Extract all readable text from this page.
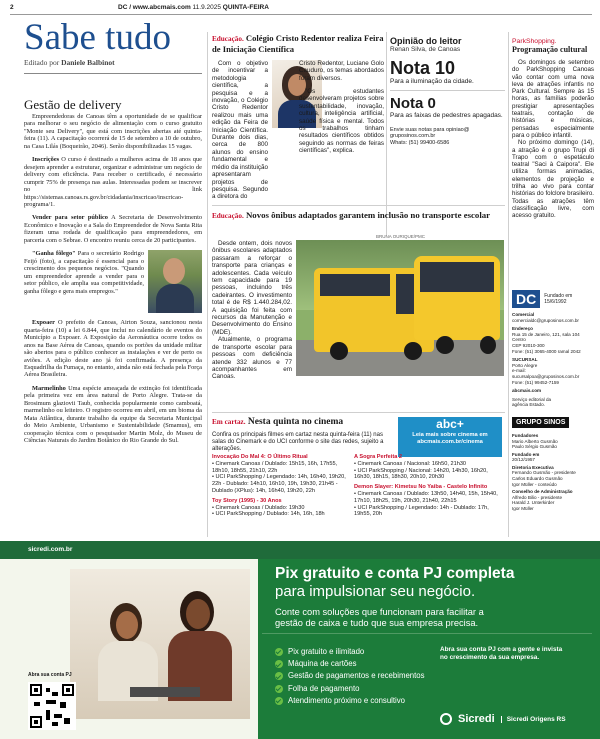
2	DC / www.abcmais.com 11.9.2025 QUINTA-FEIRA
Sabe tudo
Editado por Daniele Balbinot
Gestão de delivery

Empreendedoras de Canoas têm a oportunidade de se qualificar para melhorar o seu negócio de alimentação com o curso gratuito "Monte seu Delivery", que está com inscrições abertas até quinta-feira (11). A capacitação ocorrerá de 15 de setembro a 10 de outubro, na Casa Lilás (Boqueirão, 2046). Serão disponibilizadas 15 vagas.

Inscrições O curso é destinado a mulheres acima de 18 anos que desejem aprender a estruturar, organizar e administrar um negócio de delivery com eficiência. Para receber o certificado, é necessário cumprir 75% de presença nas aulas. Interessadas podem se inscrever no link https://sistemas.canoas.rs.gov.br/cidadania/inscricao/inscricao-programa/1.

Vender para setor público A Secretaria de Desenvolvimento Econômico e Inovação e a Sala do Empreendedor de Nova Santa Rita fizeram uma rodada de qualificação para empreendedores, em parceria com o Sebrae. O encontro reuniu cerca de 20 participantes.

"Ganha fôlego" Para o secretário Rodrigo Feijó (foto), a capacitação é essencial para o crescimento dos pequenos negócios. "Quando um empreendedor aprende a vender para o setor público, ele amplia sua competitividade, ganha fôlego e gera mais empregos."

Expoaer O prefeito de Canoas, Airton Souza, sancionou nesta quarta-feira (10) a lei 6.844, que inclui no calendário de eventos do Município a Expoaer. A Exposição da Aeronáutica ocorre todos os anos na Base Aérea de Canoas, quando os portões da unidade militar são abertos para o público conhecer as instalações e ver de perto os aviões. A edição deste ano já foi confirmada. A presença da Esquadrilha da Fumaça, no entanto, ainda não está fechada pela Força Aérea Brasileira.

Marmelinho Uma espécie ameaçada de extinção foi identificada pela primeira vez em área natural de Porto Alegre. Trata-se da Brosimum glaziovii Taub, conhecida popularmente como camboatá, marmelinho ou leiteiro. O registro ocorreu em abril, em um bioma da Mata Atlântica, durante trabalho da equipe da Secretaria Municipal do Meio Ambiente, Urbanismo e Sustentabilidade (Smamus), em cooperação técnica com o pesquisador Martin Molz, do Museu de Ciências Naturais do Jardim Botânico do Rio Grande do Sul.

Educação. Colégio Cristo Redentor realiza Feira de Iniciação Científica
Com o objetivo de incentivar a metodologia científica, a pesquisa e a inovação, o Colégio Cristo Redentor realizou mais uma edição da Feira de Iniciação Científica. Durante dois dias, cerca de 800 alunos do ensino fundamental e médio da instituição apresentaram projetos de pesquisa. Segundo a diretora do
Cristo Redentor, Luciane Golo Cauduro, os temas abordados foram diversos.
"Os estudantes desenvolveram projetos sobre sustentabilidade, inovação, cultura, inteligência artificial, saúde física e mental. Todos os trabalhos tinham resultados científicos obtidos seguindo as normas de feiras científicas", explica.
Opinião do leitor
Renan Silva, de Canoas
Nota 10
Para a iluminação da cidade.
Nota 0
Para as faixas de pedestres apagadas.
Envie suas notas para opiniao@
gruposinos.com.br
Whats: (51) 99400-6586
ParkShopping.
Programação cultural

Os domingos de setembro do ParkShopping Canoas vão contar com uma nova leva de atrações infantis no Park Cultural. Sempre às 15 horas, as famílias poderão prestigiar apresentações teatrais, contação de histórias e músicas, pensadas especialmente para o público infantil.

No próximo domingo (14), a atração é o grupo Trupi di Trapo com o espetáculo teatral "Saci à Caipora". Ele utiliza formas animadas, elementos de projeção e trilha ao vivo para contar histórias do folclore brasileiro. Todas as atrações têm classificação livre, com acesso gratuito.

Educação. Novos ônibus adaptados garantem inclusão no transporte escolar

Desde ontem, dois novos ônibus escolares adaptados passaram a reforçar o transporte para crianças e adolescentes. Cada veículo tem capacidade para 19 pessoas, incluindo três cadeirantes. O investimento total é de R$ 1.440.284,02. A aquisição foi feita com recursos da Manutenção e Desenvolvimento do Ensino (MDE).

Atualmente, o programa de transporte escolar para pessoas com deficiência atende 332 alunos e 77 acompanhantes em Canoas.

BRUNA OURIQUE/PMC
Em cartaz. Nesta quinta no cinema
Confira os principais filmes em cartaz nesta quinta-feira (11) nas salas do Cinemark e do UCI conforme o site das redes, sujeito a alterações.
abc+
Leia mais sobre cinema em abcmais.com.br/cinema
Invocação Do Mal 4: O Último Ritual
• Cinemark Canoas / Dublado: 15h15, 16h, 17h55, 18h10, 18h55, 21h10, 22h
• UCI ParkShopping / Legendado: 14h, 16h40, 19h20, 22h - Dublado: 14h10, 16h10, 19h, 19h30, 21h45 - Dublado (XPlus): 14h, 16h40, 19h20, 22h
Toy Story (1995) - 30 Anos
• Cinemark Canoas / Dublado: 19h30
• UCI ParkShopping / Dublado: 14h, 16h, 18h
A Sogra Perfeita 2
• Cinemark Canoas / Nacional: 16h50, 21h30
• UCI ParkShopping / Nacional: 14h20, 14h30, 16h20, 16h30, 18h15, 18h30, 20h10, 20h30
Demon Slayer: Kimetsu No Yaiba - Castelo Infinito
• Cinemark Canoas / Dublado: 13h50, 14h40, 15h, 15h40, 17h10, 18h25, 19h, 20h30, 21h40, 22h15
• UCI ParkShopping / Legendado: 14h - Dublado: 17h, 19h55, 20h
DC	Fundado em 15/6/1992
Comercial
comercialdc@gruposinos.com.br
Endereço
Rua 15 de Janeiro, 121, sala 104
Centro
CEP 92010-300
Fone: (51) 3065-4000 ramal 2042
SUCURSAL
Porto Alegre
e-mail: sucursalpoa@gruposinos.com.br
Fone: (51) 99452-7159
abcmais.com
Serviço editorial da
agência Estado.
GRUPO SINOS
Fundadores
Mario Alberto Gusmão
Paulo Sérgio Gusmão
Fundado em
20/12/1957
Diretoria Executiva
Fernando Gusmão - presidente
Carlos Eduardo Gusmão
Igor Müller - conteúdo
Conselho de Administração
Alfredo Bilio - presidente
Harald J. Unterkirder
Igor Müller
sicredi.com.br
Abra sua conta PJ
Pix gratuito e conta PJ completa
para impulsionar seu negócio.
Conte com soluções que funcionam para facilitar a gestão de caixa e tudo que sua empresa precisa.
Pix gratuito e ilimitado
Máquina de cartões
Gestão de pagamentos e recebimentos
Folha de pagamento
Atendimento próximo e consultivo
Abra sua conta PJ com a gente e invista no crescimento da sua empresa.
Sicredi	Sicredi Origens RS
